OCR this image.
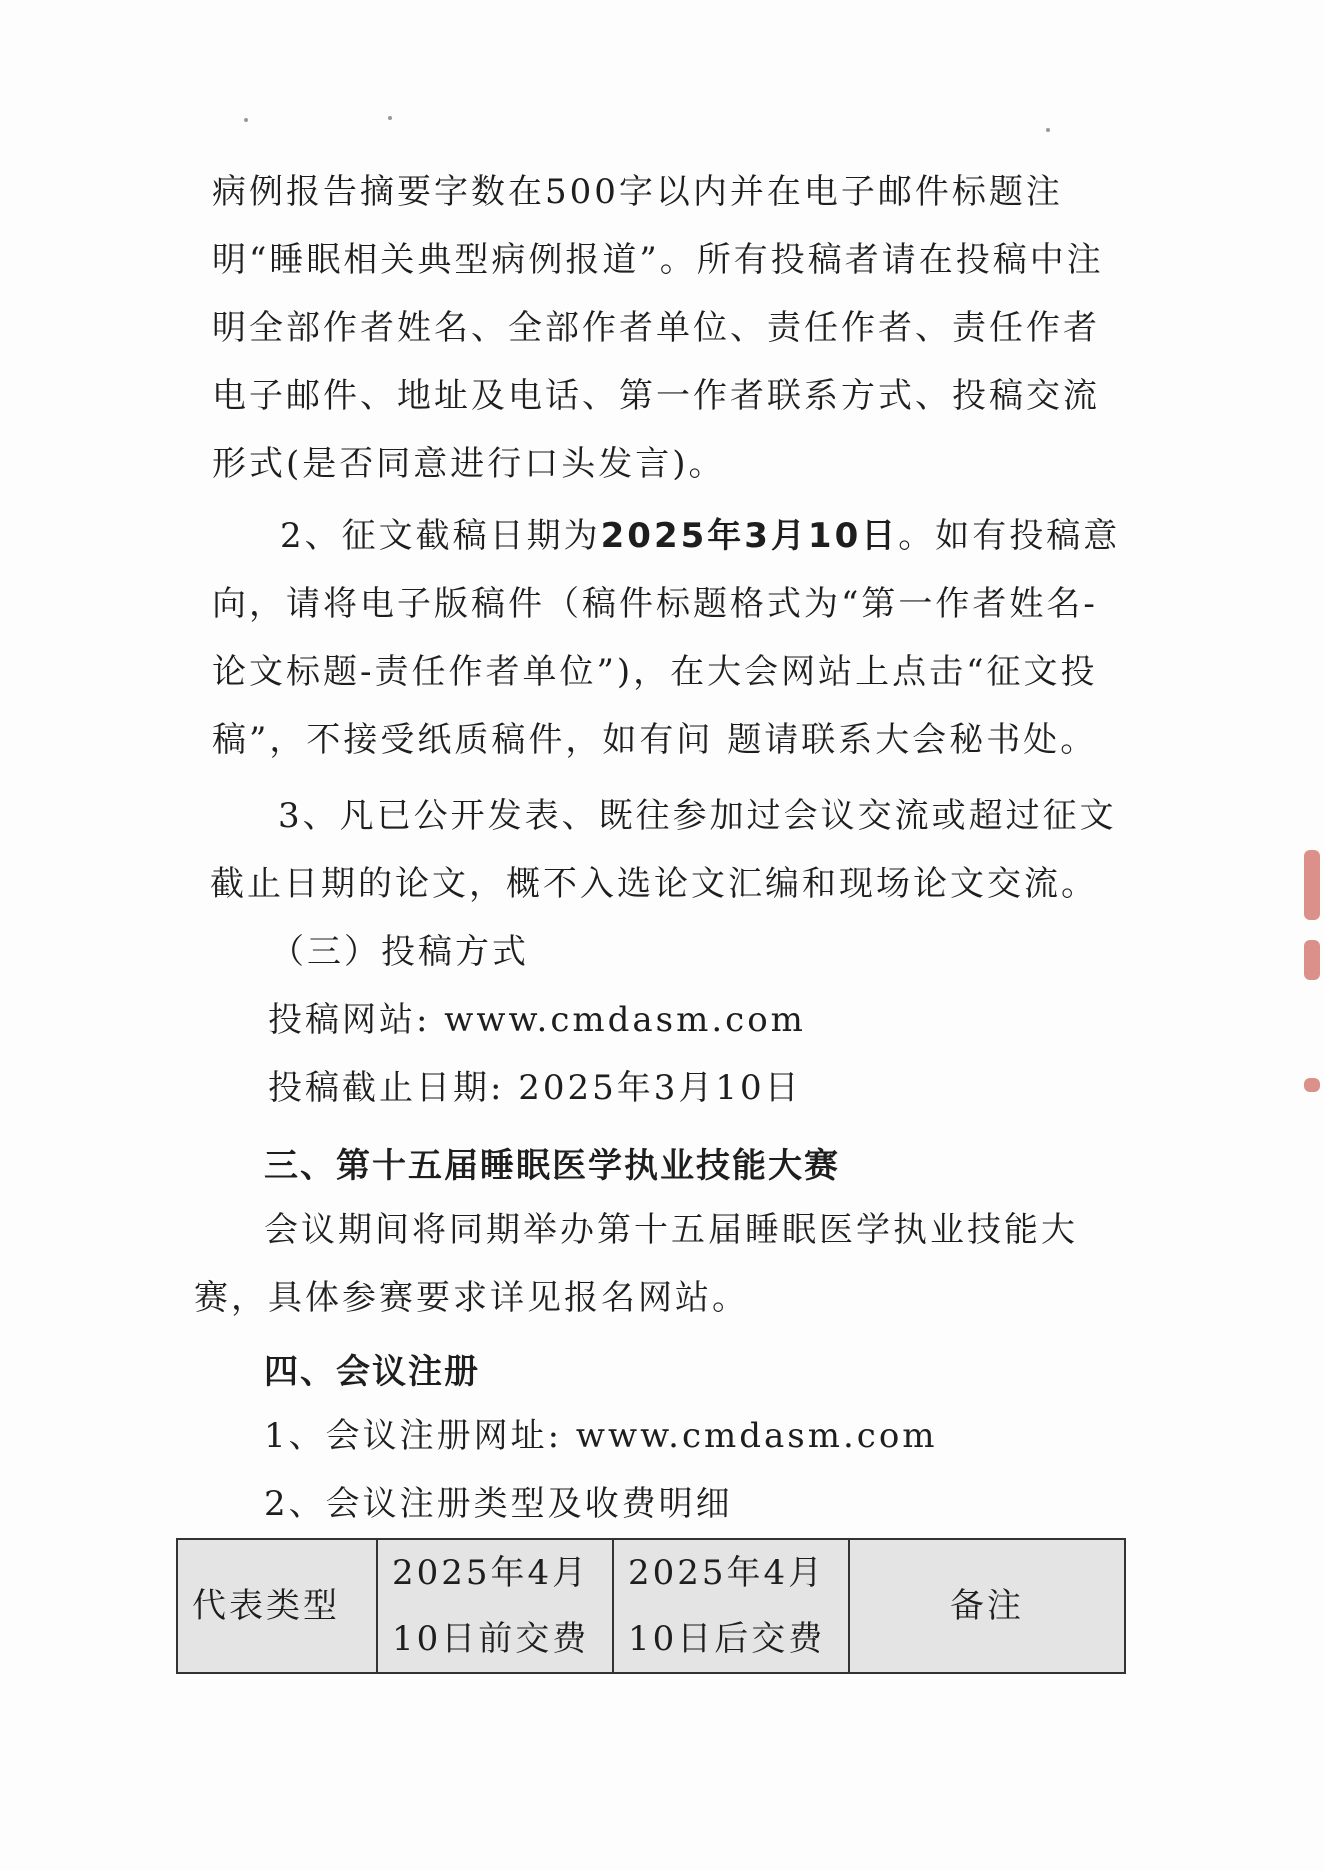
病例报告摘要字数在500字以内并在电子邮件标题注明“睡眠相关典型病例报道”。所有投稿者请在投稿中注明全部作者姓名、全部作者单位、责任作者、责任作者电子邮件、地址及电话、第一作者联系方式、投稿交流形式(是否同意进行口头发言)。

2、征文截稿日期为2025年3月10日。如有投稿意向，请将电子版稿件（稿件标题格式为“第一作者姓名-论文标题-责任作者单位”)，在大会网站上点击“征文投稿”，不接受纸质稿件，如有问 题请联系大会秘书处。

3、凡已公开发表、既往参加过会议交流或超过征文截止日期的论文，概不入选论文汇编和现场论文交流。

（三）投稿方式

投稿网站: www.cmdasm.com

投稿截止日期: 2025年3月10日

三、第十五届睡眠医学执业技能大赛

会议期间将同期举办第十五届睡眠医学执业技能大赛，具体参赛要求详见报名网站。

四、会议注册

1、会议注册网址: www.cmdasm.com

2、会议注册类型及收费明细

代表类型	2025年4月10日前交费	2025年4月10日后交费	备注
